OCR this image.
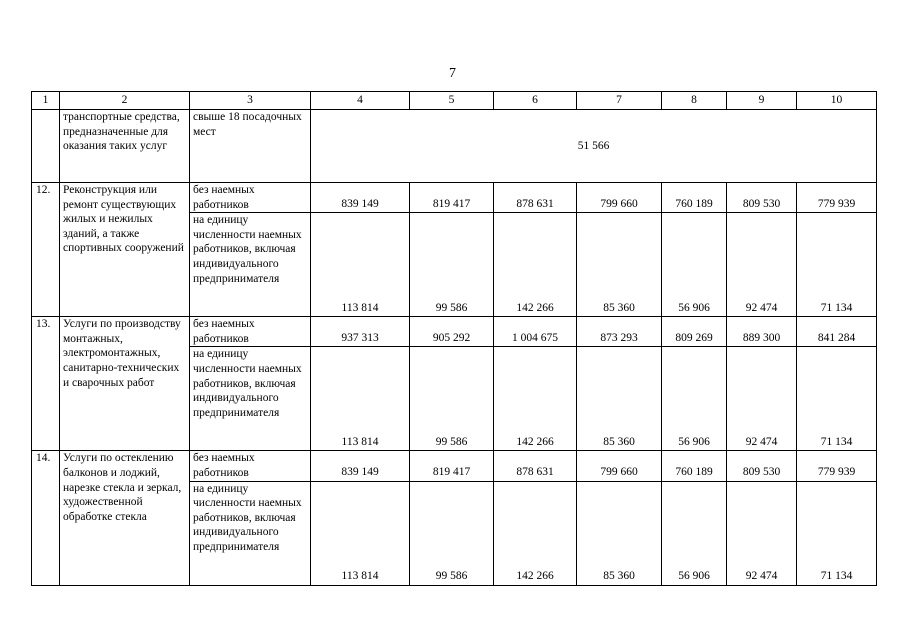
7
1	2	3	4	5	6	7	8	9	10
	транспортные средства, предназначенные для оказания таких услуг	свыше 18 посадочных мест	51 566						
12.	Реконструкция или ремонт существующих жилых и нежилых зданий, а также спортивных сооружений	без наемных работников	839 149	819 417	878 631	799 660	760 189	809 530	779 939
		на единицу численности наемных работников, включая индивидуального предпринимателя	113 814	99 586	142 266	85 360	56 906	92 474	71 134
13.	Услуги по производству монтажных, электромонтажных, санитарно-технических и сварочных работ	без наемных работников	937 313	905 292	1 004 675	873 293	809 269	889 300	841 284
		на единицу численности наемных работников, включая индивидуального предпринимателя	113 814	99 586	142 266	85 360	56 906	92 474	71 134
14.	Услуги по остеклению балконов и лоджий, нарезке стекла и зеркал, художественной обработке стекла	без наемных работников	839 149	819 417	878 631	799 660	760 189	809 530	779 939
		на единицу численности наемных работников, включая индивидуального предпринимателя	113 814	99 586	142 266	85 360	56 906	92 474	71 134
